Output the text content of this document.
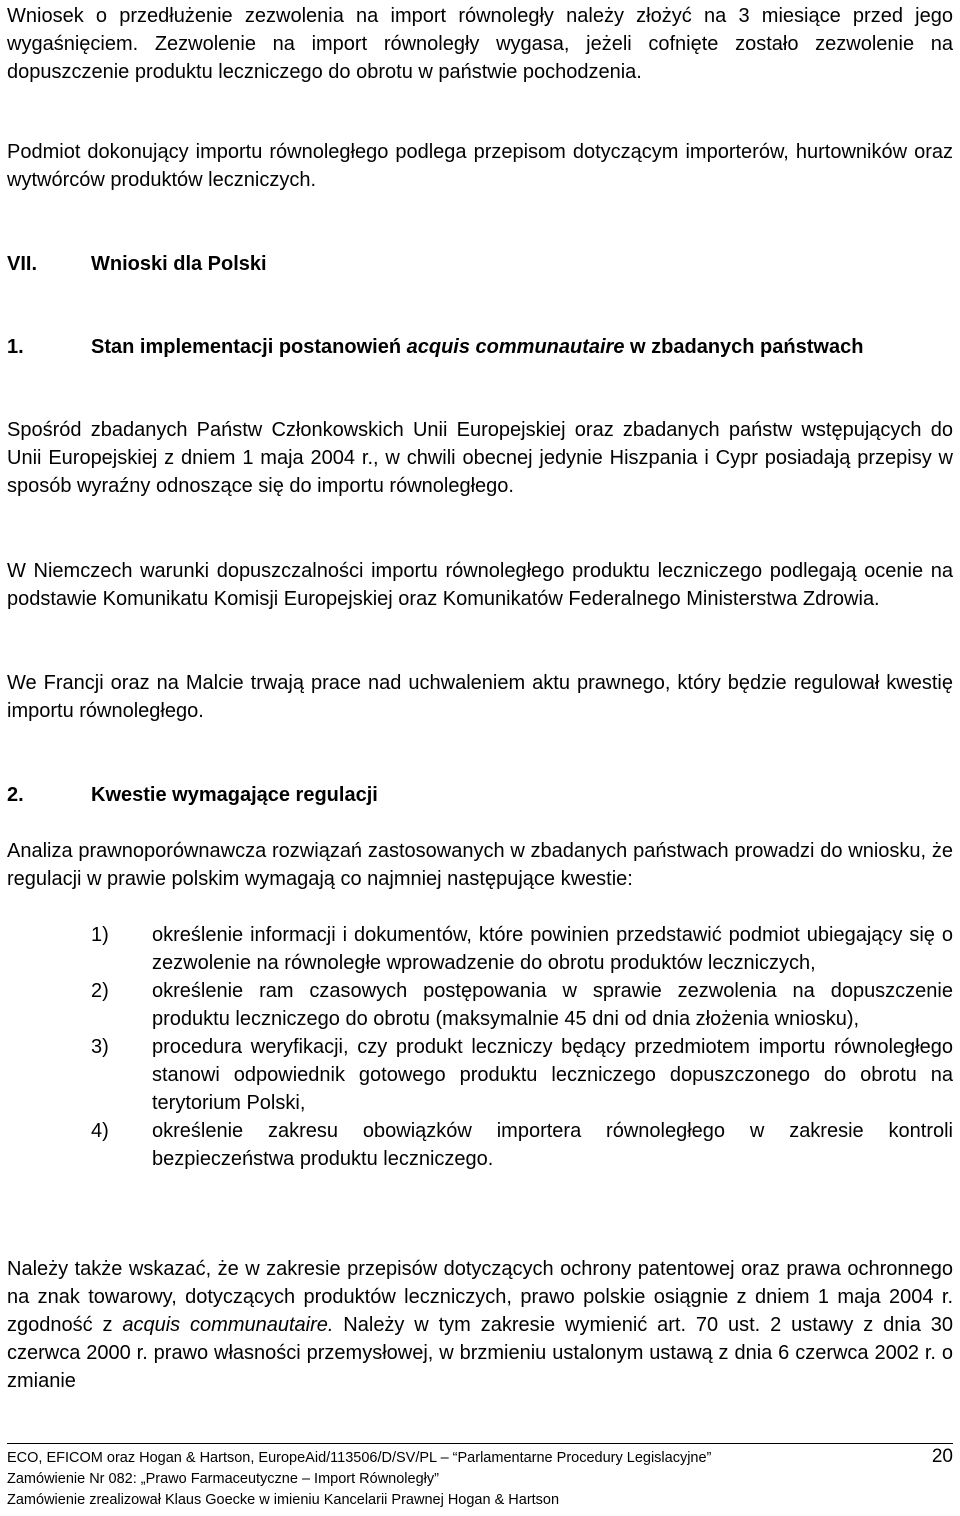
Wniosek o przedłużenie zezwolenia na import równoległy należy złożyć na 3 miesiące przed jego wygaśnięciem. Zezwolenie na import równoległy wygasa, jeżeli cofnięte zostało zezwolenie na dopuszczenie produktu leczniczego do obrotu w państwie pochodzenia.

Podmiot dokonujący importu równoległego podlega przepisom dotyczącym importerów, hurtowników oraz wytwórców produktów leczniczych.

VII.	Wnioski dla Polski
1.	Stan implementacji postanowień acquis communautaire w zbadanych państwach

Spośród zbadanych Państw Członkowskich Unii Europejskiej oraz zbadanych państw wstępujących do Unii Europejskiej z dniem 1 maja 2004 r., w chwili obecnej jedynie Hiszpania i Cypr posiadają przepisy w sposób wyraźny odnoszące się do importu równoległego.

W Niemczech warunki dopuszczalności importu równoległego produktu leczniczego podlegają ocenie na podstawie Komunikatu Komisji Europejskiej oraz Komunikatów Federalnego Ministerstwa Zdrowia.

We Francji oraz na Malcie trwają prace nad uchwaleniem aktu prawnego, który będzie regulował kwestię importu równoległego.

2.	Kwestie wymagające regulacji

Analiza prawnoporównawcza rozwiązań zastosowanych w zbadanych państwach prowadzi do wniosku, że regulacji w prawie polskim wymagają co najmniej następujące kwestie:

1) określenie informacji i dokumentów, które powinien przedstawić podmiot ubiegający się o zezwolenie na równoległe wprowadzenie do obrotu produktów leczniczych,
2) określenie ram czasowych postępowania w sprawie zezwolenia na dopuszczenie produktu leczniczego do obrotu (maksymalnie 45 dni od dnia złożenia wniosku),
3) procedura weryfikacji, czy produkt leczniczy będący przedmiotem importu równoległego stanowi odpowiednik gotowego produktu leczniczego dopuszczonego do obrotu na terytorium Polski,
4) określenie zakresu obowiązków importera równoległego w zakresie kontroli bezpieczeństwa produktu leczniczego.

Należy także wskazać, że w zakresie przepisów dotyczących ochrony patentowej oraz prawa ochronnego na znak towarowy, dotyczących produktów leczniczych, prawo polskie osiągnie z dniem 1 maja 2004 r. zgodność z acquis communautaire. Należy w tym zakresie wymienić art. 70 ust. 2 ustawy z dnia 30 czerwca 2000 r. prawo własności przemysłowej, w brzmieniu ustalonym ustawą z dnia 6 czerwca 2002 r. o zmianie

ECO, EFICOM oraz Hogan & Hartson, EuropeAid/113506/D/SV/PL – “Parlamentarne Procedury Legislacyjne”
Zamówienie Nr 082: „Prawo Farmaceutyczne – Import Równoległy”
Zamówienie zrealizował Klaus Goecke w imieniu Kancelarii Prawnej Hogan & Hartson
20
